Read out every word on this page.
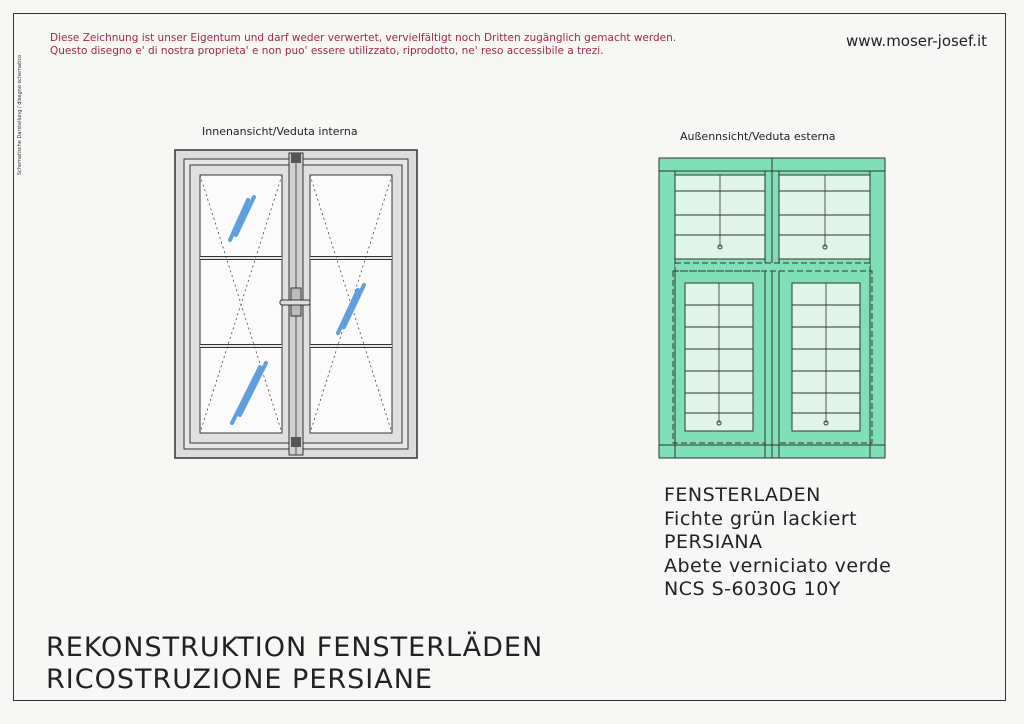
Schematische Darstellung / disegno schematico
Diese Zeichnung ist unser Eigentum und darf weder verwertet, vervielfältigt noch Dritten zugänglich gemacht werden.
Questo disegno e' di nostra proprieta' e non puo' essere utilizzato, riprodotto, ne' reso accessibile a trezi.
www.moser-josef.it
Innenansicht/Veduta interna	Außennsicht/Veduta esterna
FENSTERLADEN
Fichte grün lackiert
PERSIANA
Abete verniciato verde
NCS S-6030G 10Y
REKONSTRUKTION FENSTERLÄDEN
RICOSTRUZIONE PERSIANE
